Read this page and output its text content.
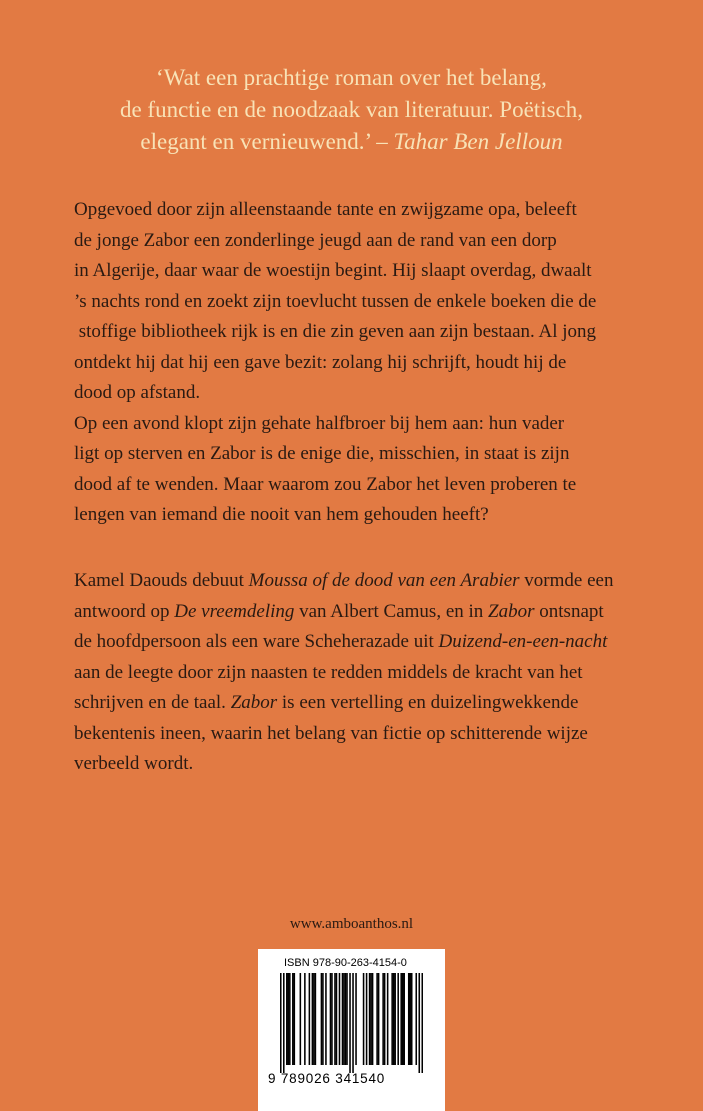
‘Wat een prachtige roman over het belang,
de functie en de noodzaak van literatuur. Poëtisch,
elegant en vernieuwend.’ – Tahar Ben Jelloun
Opgevoed door zijn alleenstaande tante en zwijgzame opa, beleeft
de jonge Zabor een zonderlinge jeugd aan de rand van een dorp
in Algerije, daar waar de woestijn begint. Hij slaapt overdag, dwaalt
’s nachts rond en zoekt zijn toevlucht tussen de enkele boeken die de
stoffige bibliotheek rijk is en die zin geven aan zijn bestaan. Al jong
ontdekt hij dat hij een gave bezit: zolang hij schrijft, houdt hij de
dood op afstand.
Op een avond klopt zijn gehate halfbroer bij hem aan: hun vader
ligt op sterven en Zabor is de enige die, misschien, in staat is zijn
dood af te wenden. Maar waarom zou Zabor het leven proberen te
lengen van iemand die nooit van hem gehouden heeft?
Kamel Daouds debuut Moussa of de dood van een Arabier vormde een
antwoord op De vreemdeling van Albert Camus, en in Zabor ontsnapt
de hoofdpersoon als een ware Scheherazade uit Duizend-en-een-nacht
aan de leegte door zijn naasten te redden middels de kracht van het
schrijven en de taal. Zabor is een vertelling en duizelingwekkende
bekentenis ineen, waarin het belang van fictie op schitterende wijze
verbeeld wordt.
www.amboanthos.nl
ISBN 978-90-263-4154-0
9 789026 341540
